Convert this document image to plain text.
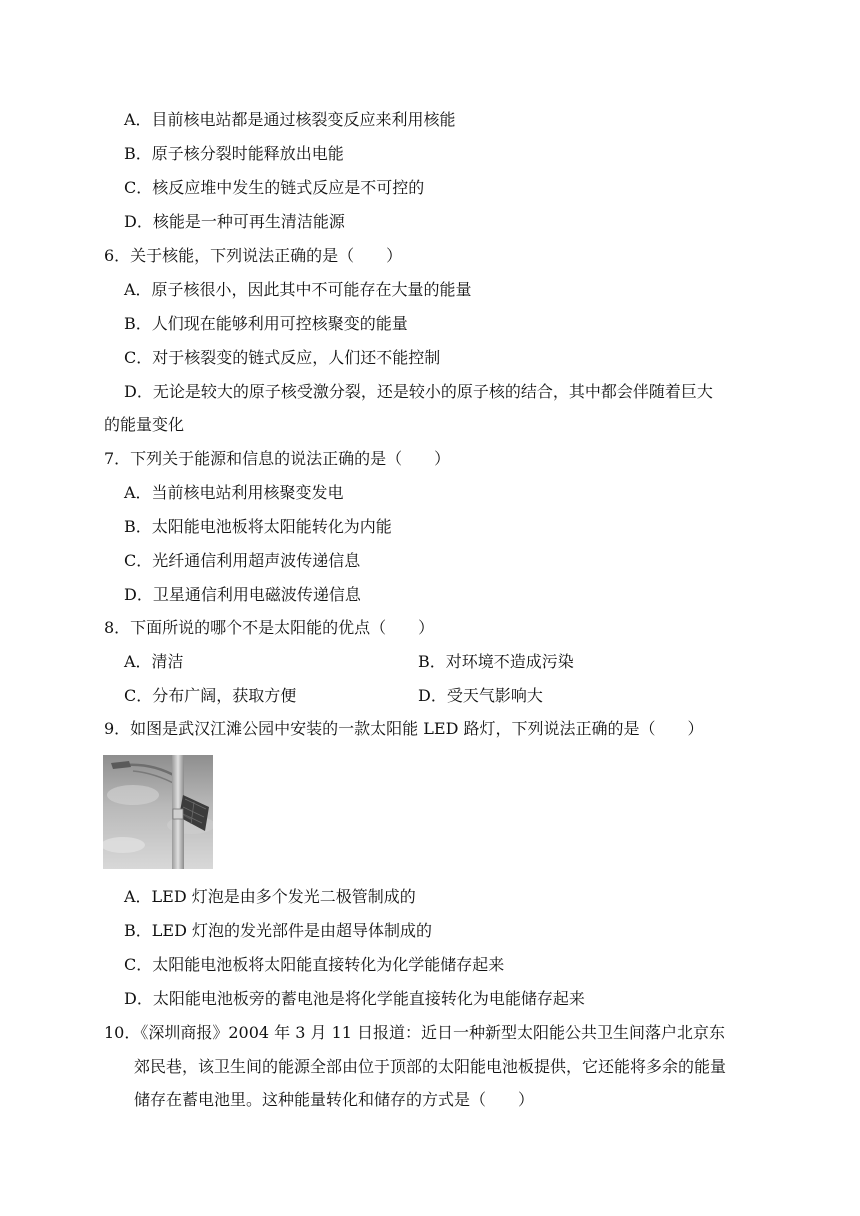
A．目前核电站都是通过核裂变反应来利用核能
B．原子核分裂时能释放出电能
C．核反应堆中发生的链式反应是不可控的
D．核能是一种可再生清洁能源
6．关于核能，下列说法正确的是（　　）
A．原子核很小，因此其中不可能存在大量的能量
B．人们现在能够利用可控核聚变的能量
C．对于核裂变的链式反应，人们还不能控制
D．无论是较大的原子核受激分裂，还是较小的原子核的结合，其中都会伴随着巨大
的能量变化
7．下列关于能源和信息的说法正确的是（　　）
A．当前核电站利用核聚变发电
B．太阳能电池板将太阳能转化为内能
C．光纤通信利用超声波传递信息
D．卫星通信利用电磁波传递信息
8．下面所说的哪个不是太阳能的优点（　　）
A．清洁	B．对环境不造成污染
C．分布广阔，获取方便	D．受天气影响大
9．如图是武汉江滩公园中安装的一款太阳能 LED 路灯，下列说法正确的是（　　）
A．LED 灯泡是由多个发光二极管制成的
B．LED 灯泡的发光部件是由超导体制成的
C．太阳能电池板将太阳能直接转化为化学能储存起来
D．太阳能电池板旁的蓄电池是将化学能直接转化为电能储存起来
10．《深圳商报》2004 年 3 月 11 日报道：近日一种新型太阳能公共卫生间落户北京东
郊民巷，该卫生间的能源全部由位于顶部的太阳能电池板提供，它还能将多余的能量
储存在蓄电池里。这种能量转化和储存的方式是（　　）
